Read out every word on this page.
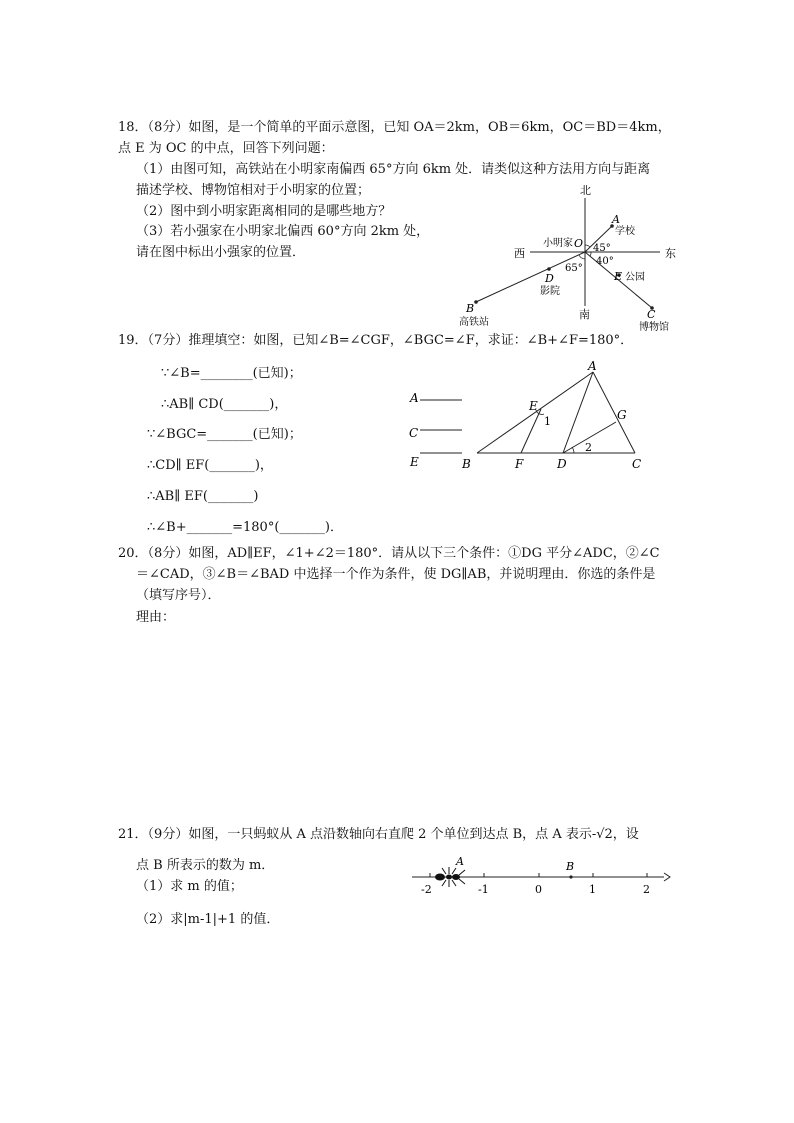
18．（8分）如图，是一个简单的平面示意图，已知 OA＝2km，OB＝6km，OC＝BD＝4km，
点 E 为 OC 的中点，回答下列问题：
（1）由图可知，高铁站在小明家南偏西 65°方向 6km 处．请类似这种方法用方向与距离
描述学校、博物馆相对于小明家的位置；
（2）图中到小明家距离相同的是哪些地方？
（3）若小强家在小明家北偏西 60°方向 2km 处，
请在图中标出小强家的位置．
北
南
西	东
小明家 O
A
学校
45°
40°
65°
D
影院
E 公园
B
高铁站
C
博物馆
19．（7分）推理填空：如图，已知∠B=∠CGF，∠BGC=∠F，求证：∠B+∠F=180°．
∵∠B=________(已知)；
∴AB∥ CD(_______)，
∵∠BGC=_______(已知)；
∴CD∥ EF(_______)，
∴AB∥ EF(_______)
∴∠B+_______=180°(_______)．
A
C
E
A
E
1	G
2
B	F	D	C
20．（8分）如图，AD∥EF，∠1+∠2＝180°．请从以下三个条件：①DG 平分∠ADC，②∠C
＝∠CAD，③∠B＝∠BAD 中选择一个作为条件，使 DG∥AB，并说明理由．你选的条件是
（填写序号）．
理由：
21．（9分）如图，一只蚂蚁从 A 点沿数轴向右直爬 2 个单位到达点 B，点 A 表示-√2，设
点 B 所表示的数为 m．
（1）求 m 的值；
（2）求|m-1|+1 的值．
-2	-1	0	1	2
A	B
